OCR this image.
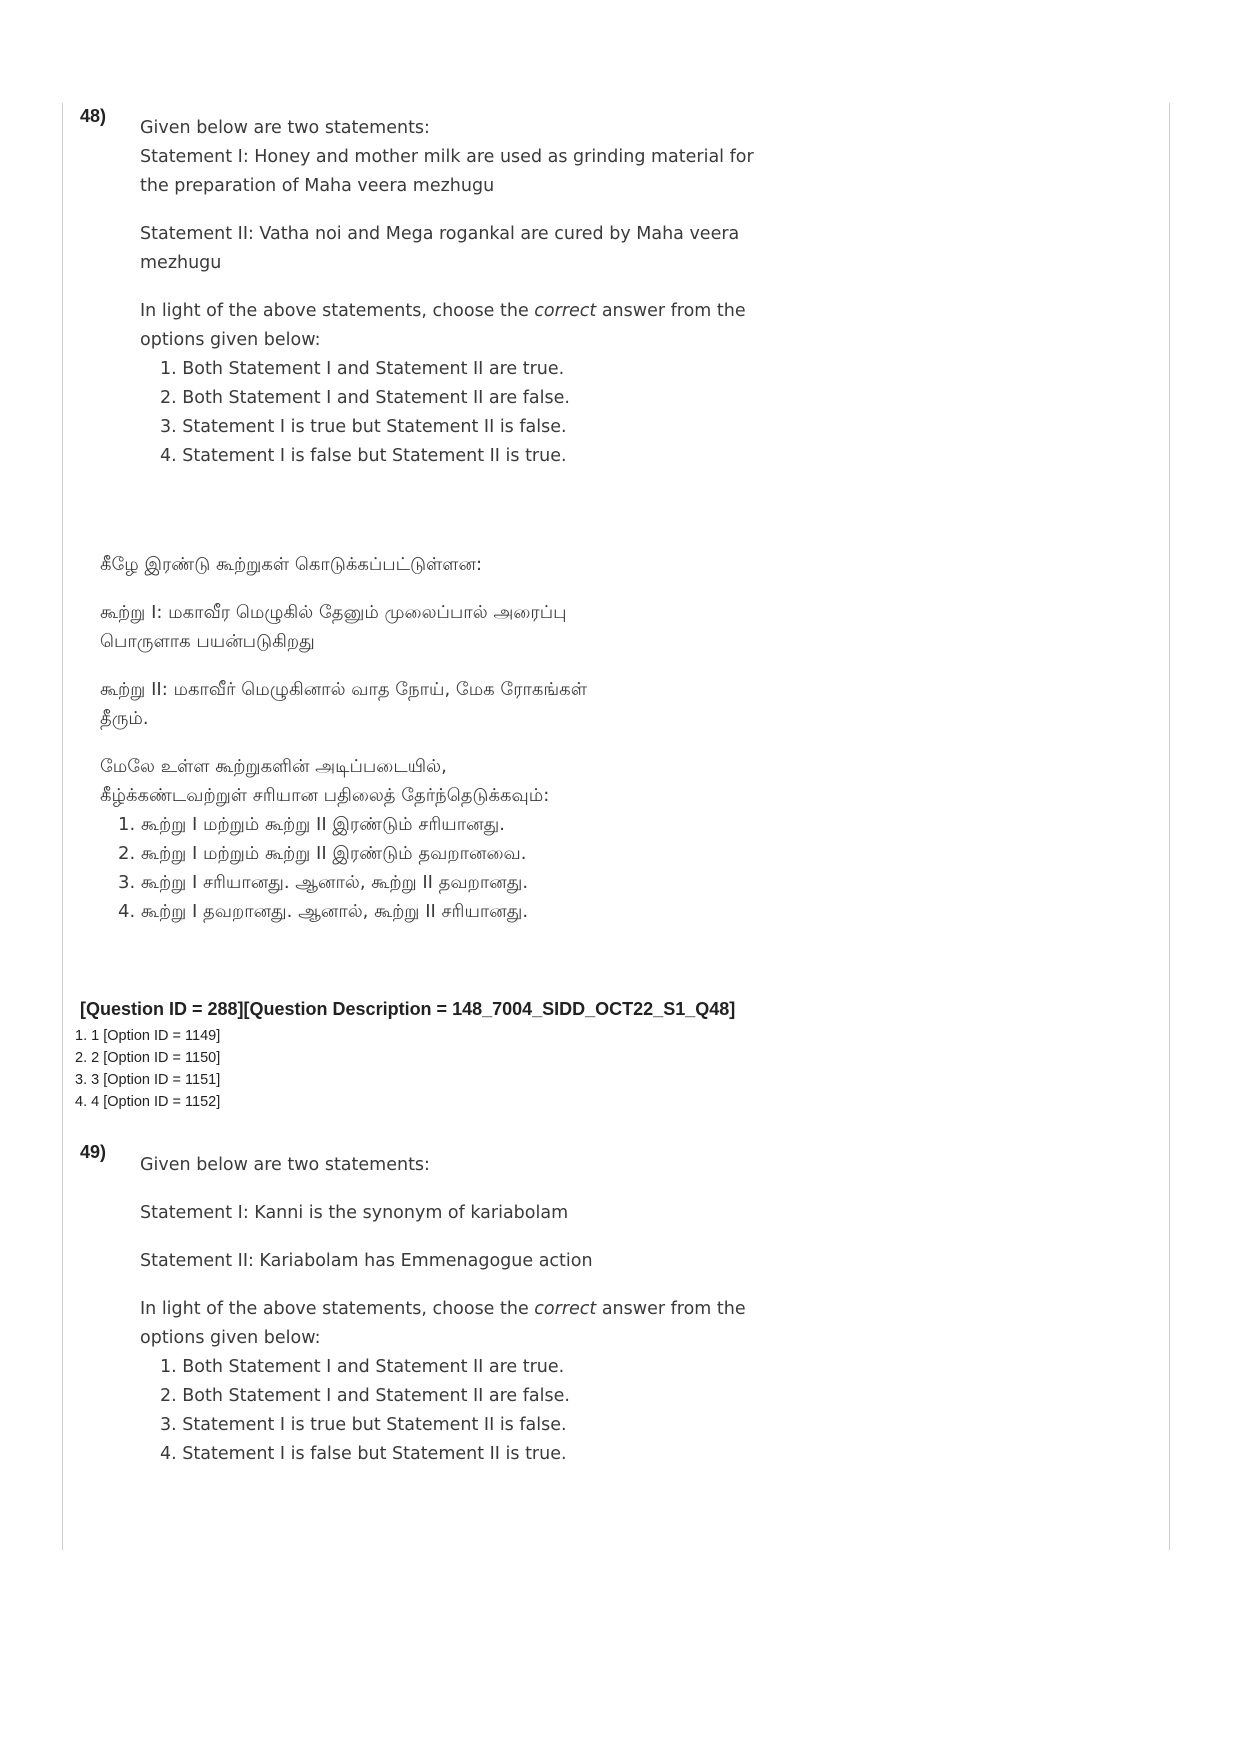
48)

Given below are two statements:

Statement I: Honey and mother milk are used as grinding material for

the preparation of Maha veera mezhugu

Statement II: Vatha noi and Mega rogankal are cured by Maha veera

mezhugu

In light of the above statements, choose the correct answer from the

options given below:

1. Both Statement I and Statement II are true.
2. Both Statement I and Statement II are false.
3. Statement I is true but Statement II is false.
4. Statement I is false but Statement II is true.

கீழே இரண்டு கூற்றுகள் கொடுக்கப்பட்டுள்ளன:

கூற்று I: மகாவீர மெழுகில் தேனும் முலைப்பால் அரைப்பு

பொருளாக பயன்படுகிறது

கூற்று II: மகாவீர் மெழுகினால் வாத நோய், மேக ரோகங்கள்

தீரும்.

மேலே உள்ள கூற்றுகளின் அடிப்படையில்,

கீழ்க்கண்டவற்றுள் சரியான பதிலைத் தேர்ந்தெடுக்கவும்:

1. கூற்று I மற்றும் கூற்று II இரண்டும் சரியானது.
2. கூற்று I மற்றும் கூற்று II இரண்டும் தவறானவை.
3. கூற்று I சரியானது. ஆனால், கூற்று II தவறானது.
4. கூற்று I தவறானது. ஆனால், கூற்று II சரியானது.
[Question ID = 288][Question Description = 148_7004_SIDD_OCT22_S1_Q48]
1. 1 [Option ID = 1149]
2. 2 [Option ID = 1150]
3. 3 [Option ID = 1151]
4. 4 [Option ID = 1152]
49)

Given below are two statements:

Statement I: Kanni is the synonym of kariabolam

Statement II: Kariabolam has Emmenagogue action

In light of the above statements, choose the correct answer from the

options given below:

1. Both Statement I and Statement II are true.
2. Both Statement I and Statement II are false.
3. Statement I is true but Statement II is false.
4. Statement I is false but Statement II is true.
